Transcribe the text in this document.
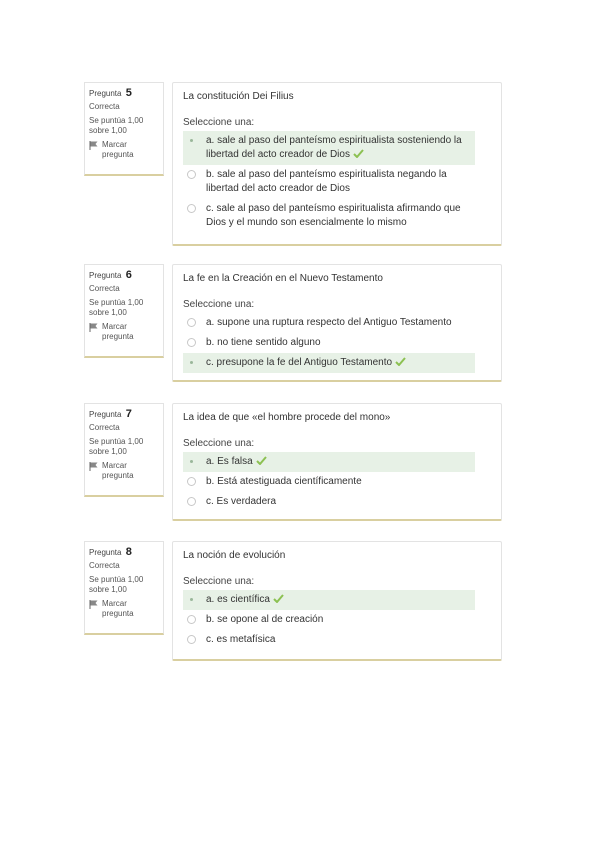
Pregunta 5
Correcta
Se puntúa 1,00 sobre 1,00
Marcar pregunta
La constitución Dei Filius
Seleccione una:
a. sale al paso del panteísmo espiritualista sosteniendo la libertad del acto creador de Dios
b. sale al paso del panteísmo espiritualista negando la libertad del acto creador de Dios
c. sale al paso del panteísmo espiritualista afirmando que Dios y el mundo son esencialmente lo mismo
Pregunta 6
Correcta
Se puntúa 1,00 sobre 1,00
Marcar pregunta
La fe en la Creación en el Nuevo Testamento
Seleccione una:
a. supone una ruptura respecto del Antiguo Testamento
b. no tiene sentido alguno
c. presupone la fe del Antiguo Testamento
Pregunta 7
Correcta
Se puntúa 1,00 sobre 1,00
Marcar pregunta
La idea de que «el hombre procede del mono»
Seleccione una:
a. Es falsa
b. Está atestiguada científicamente
c. Es verdadera
Pregunta 8
Correcta
Se puntúa 1,00 sobre 1,00
Marcar pregunta
La noción de evolución
Seleccione una:
a. es científica
b. se opone al de creación
c. es metafísica
